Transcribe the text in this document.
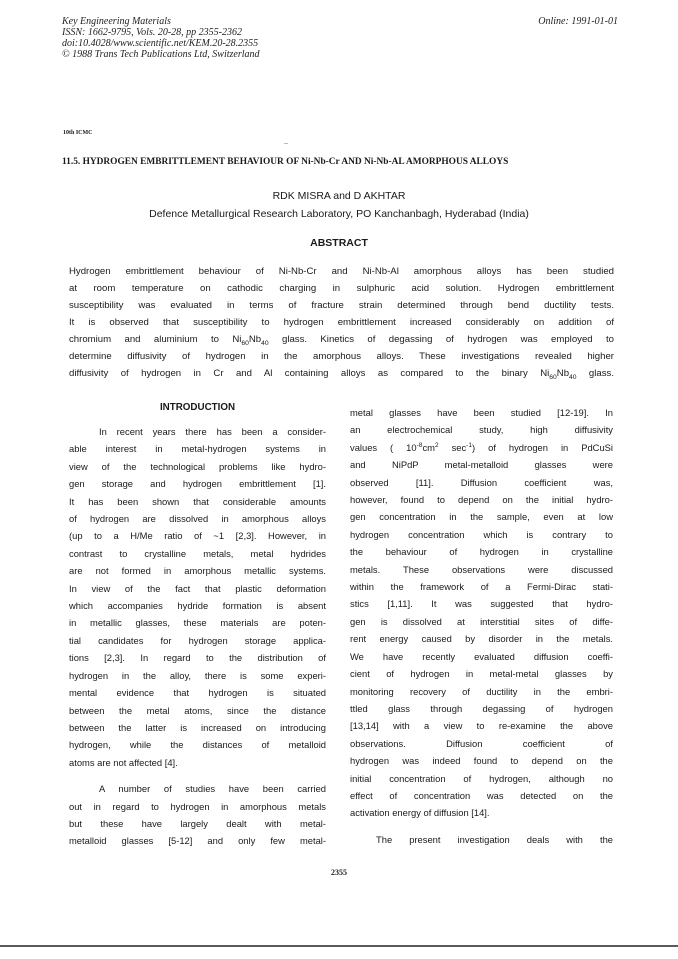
Key Engineering Materials
ISSN: 1662-9795, Vols. 20-28, pp 2355-2362
doi:10.4028/www.scientific.net/KEM.20-28.2355
© 1988 Trans Tech Publications Ltd, Switzerland
Online: 1991-01-01
10th ICMC
11.5. HYDROGEN EMBRITTLEMENT BEHAVIOUR OF Ni-Nb-Cr AND Ni-Nb-AL AMORPHOUS ALLOYS
RDK MISRA and D AKHTAR
Defence Metallurgical Research Laboratory, PO Kanchanbagh, Hyderabad (India)
ABSTRACT
Hydrogen embrittlement behaviour of Ni-Nb-Cr and Ni-Nb-Al amorphous alloys has been studied
at room temperature on cathodic charging in sulphuric acid solution. Hydrogen embrittlement
susceptibility was evaluated in terms of fracture strain determined through bend ductility tests.
It is observed that susceptibility to hydrogen embrittlement increased considerably on addition of
chromium and aluminium to $Ni_{60}Nb_{40}$ glass. Kinetics of degassing of hydrogen was employed to
determine diffusivity of hydrogen in the amorphous alloys. These investigations revealed higher
diffusivity of hydrogen in Cr and Al containing alloys as compared to the binary $Ni_{60}Nb_{40}$ glass.
INTRODUCTION
In recent years there has been a consider-
able interest in metal-hydrogen systems in
view of the technological problems like hydro-
gen storage and hydrogen embrittlement [1].
It has been shown that considerable amounts
of hydrogen are dissolved in amorphous alloys
(up to a H/Me ratio of ~1 [2,3]. However, in
contrast to crystalline metals, metal hydrides
are not formed in amorphous metallic systems.
In view of the fact that plastic deformation
which accompanies hydride formation is absent
in metallic glasses, these materials are poten-
tial candidates for hydrogen storage applica-
tions [2,3]. In regard to the distribution of
hydrogen in the alloy, there is some experi-
mental evidence that hydrogen is situated
between the metal atoms, since the distance
between the latter is increased on introducing
hydrogen, while the distances of metalloid
atoms are not affected [4].
A number of studies have been carried
out in regard to hydrogen in amorphous metals
but these have largely dealt with metal-
metalloid glasses [5-12] and only few metal-
metal glasses have been studied [12-19]. In
an electrochemical study, high diffusivity
values ( $10^{-8}cm^2$ $\sec^{-1}$) of hydrogen in PdCuSi
and NiPdP metal-metalloid glasses were
observed [11]. Diffusion coefficient was,
however, found to depend on the initial hydro-
gen concentration in the sample, even at low
hydrogen concentration which is contrary to
the behaviour of hydrogen in crystalline
metals. These observations were discussed
within the framework of a Fermi-Dirac stati-
stics [1,11]. It was suggested that hydro-
gen is dissolved at interstitial sites of diffe-
rent energy caused by disorder in the metals.
We have recently evaluated diffusion coeffi-
cient of hydrogen in metal-metal glasses by
monitoring recovery of ductility in the embri-
ttled glass through degassing of hydrogen
[13,14] with a view to re-examine the above
observations. Diffusion coefficient of
hydrogen was indeed found to depend on the
initial concentration of hydrogen, although no
effect of concentration was detected on the
activation energy of diffusion [14].
The present investigation deals with the
2355
